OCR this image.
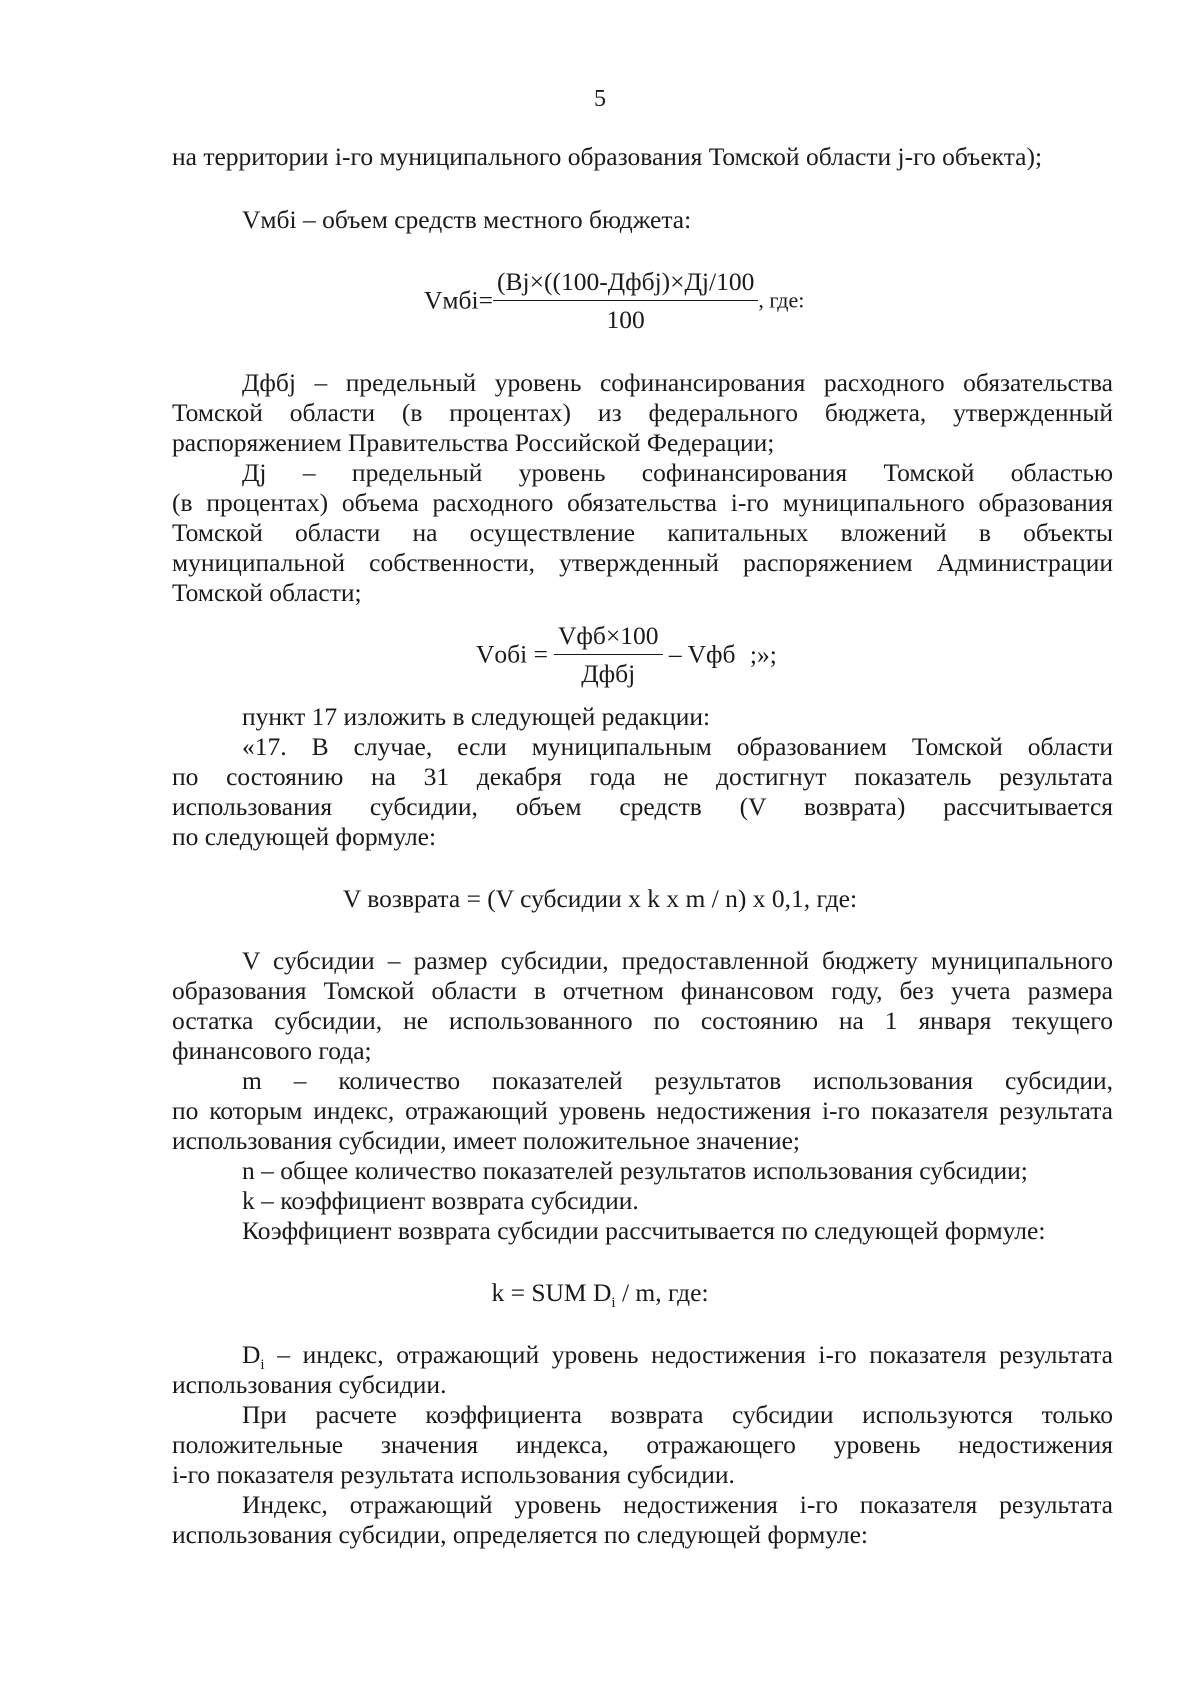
5
на территории i-го муниципального образования Томской области j-го объекта);
Vмбi – объем средств местного бюджета:
Vмбi= $\frac{\text{(Вj×((100-Дфбj)×Дj/100}}{100}$ , где:
Дфбj – предельный уровень софинансирования расходного обязательства
Томской области (в процентах) из федерального бюджета, утвержденный
распоряжением Правительства Российской Федерации;
Дj – предельный уровень софинансирования Томской областью
(в процентах) объема расходного обязательства i-го муниципального образования
Томской области на осуществление капитальных вложений в объекты
муниципальной собственности, утвержденный распоряжением Администрации
Томской области;
Vобi = $\frac{\text{Vфб×100}}{\text{Дфбj}}$ – Vфб ;»;
пункт 17 изложить в следующей редакции:
«17. В случае, если муниципальным образованием Томской области
по состоянию на 31 декабря года не достигнут показатель результата
использования субсидии, объем средств (V возврата) рассчитывается
по следующей формуле:
V возврата = (V субсидии x k x m / n) x 0,1, где:
V субсидии – размер субсидии, предоставленной бюджету муниципального
образования Томской области в отчетном финансовом году, без учета размера
остатка субсидии, не использованного по состоянию на 1 января текущего
финансового года;
m – количество показателей результатов использования субсидии,
по которым индекс, отражающий уровень недостижения i-го показателя результата
использования субсидии, имеет положительное значение;
n – общее количество показателей результатов использования субсидии;
k – коэффициент возврата субсидии.
Коэффициент возврата субсидии рассчитывается по следующей формуле:
k = SUM $D_i$ / m, где:
$D_i$ – индекс, отражающий уровень недостижения i-го показателя результата
использования субсидии.
При расчете коэффициента возврата субсидии используются только
положительные значения индекса, отражающего уровень недостижения
i-го показателя результата использования субсидии.
Индекс, отражающий уровень недостижения i-го показателя результата
использования субсидии, определяется по следующей формуле:
